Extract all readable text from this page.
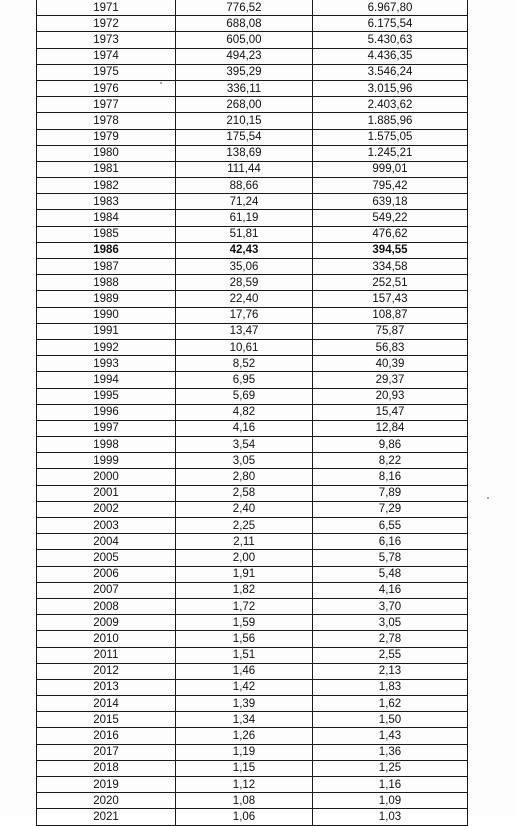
1971	776,52	6.967,80
1972	688,08	6.175,54
1973	605,00	5.430,63
1974	494,23	4.436,35
1975	395,29	3.546,24
1976	336,11	3.015,96
1977	268,00	2.403,62
1978	210,15	1.885,96
1979	175,54	1.575,05
1980	138,69	1.245,21
1981	111,44	999,01
1982	88,66	795,42
1983	71,24	639,18
1984	61,19	549,22
1985	51,81	476,62
1986	42,43	394,55
1987	35,06	334,58
1988	28,59	252,51
1989	22,40	157,43
1990	17,76	108,87
1991	13,47	75,87
1992	10,61	56,83
1993	8,52	40,39
1994	6,95	29,37
1995	5,69	20,93
1996	4,82	15,47
1997	4,16	12,84
1998	3,54	9,86
1999	3,05	8,22
2000	2,80	8,16
2001	2,58	7,89
2002	2,40	7,29
2003	2,25	6,55
2004	2,11	6,16
2005	2,00	5,78
2006	1,91	5,48
2007	1,82	4,16
2008	1,72	3,70
2009	1,59	3,05
2010	1,56	2,78
2011	1,51	2,55
2012	1,46	2,13
2013	1,42	1,83
2014	1,39	1,62
2015	1,34	1,50
2016	1,26	1,43
2017	1,19	1,36
2018	1,15	1,25
2019	1,12	1,16
2020	1,08	1,09
2021	1,06	1,03
